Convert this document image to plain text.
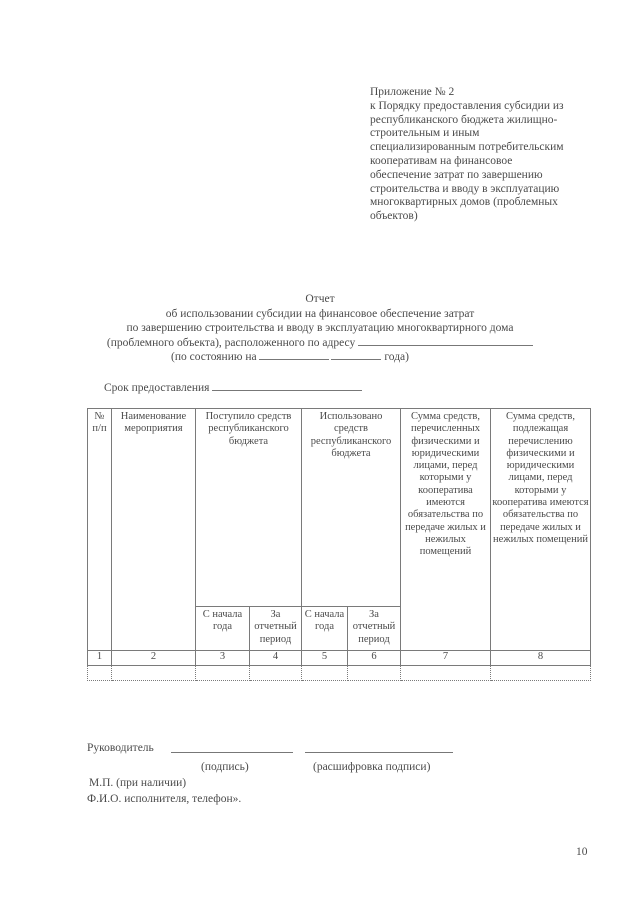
Приложение № 2
к Порядку предоставления субсидии из
республиканского бюджета жилищно-
строительным и иным
специализированным потребительским
кооперативам на финансовое
обеспечение затрат по завершению
строительства и вводу в эксплуатацию
многоквартирных домов (проблемных
объектов)
Отчет
об использовании субсидии на финансовое обеспечение затрат
по завершению строительства и вводу в эксплуатацию многоквартирного дома
(проблемного объекта), расположенного по адресу
(по состоянию на	года)
Срок предоставления
№ п/п	Наименование мероприятия	Поступило средств республиканского бюджета		Использовано средств республиканского бюджета		Сумма средств, перечисленных физическими и юридическими лицами, перед которыми у кооператива имеются обязательства по передаче жилых и нежилых помещений	Сумма средств, подлежащая перечислению физическими и юридическими лицами, перед которыми у кооператива имеются обязательства по передаче жилых и нежилых помещений
		С начала года	За отчетный период	С начала года	За отчетный период		
1	2	3	4	5	6	7	8

Руководитель
(подпись)	(расшифровка подписи)
М.П. (при наличии)
Ф.И.О. исполнителя, телефон».
10
